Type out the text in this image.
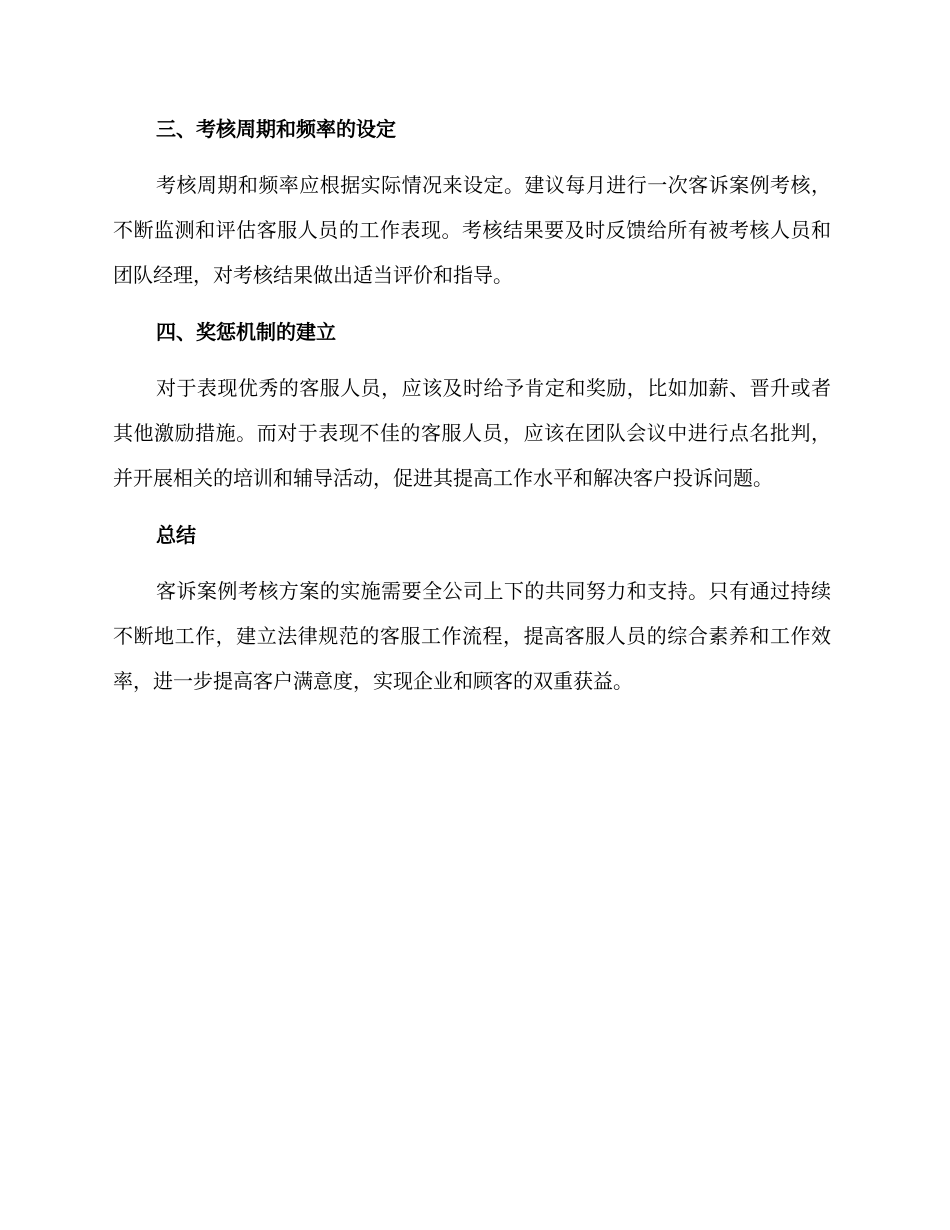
三、考核周期和频率的设定

考核周期和频率应根据实际情况来设定。建议每月进行一次客诉案例考核，不断监测和评估客服人员的工作表现。考核结果要及时反馈给所有被考核人员和团队经理，对考核结果做出适当评价和指导。

四、奖惩机制的建立

对于表现优秀的客服人员，应该及时给予肯定和奖励，比如加薪、晋升或者其他激励措施。而对于表现不佳的客服人员，应该在团队会议中进行点名批判，并开展相关的培训和辅导活动，促进其提高工作水平和解决客户投诉问题。

总结

客诉案例考核方案的实施需要全公司上下的共同努力和支持。只有通过持续不断地工作，建立法律规范的客服工作流程，提高客服人员的综合素养和工作效率，进一步提高客户满意度，实现企业和顾客的双重获益。
